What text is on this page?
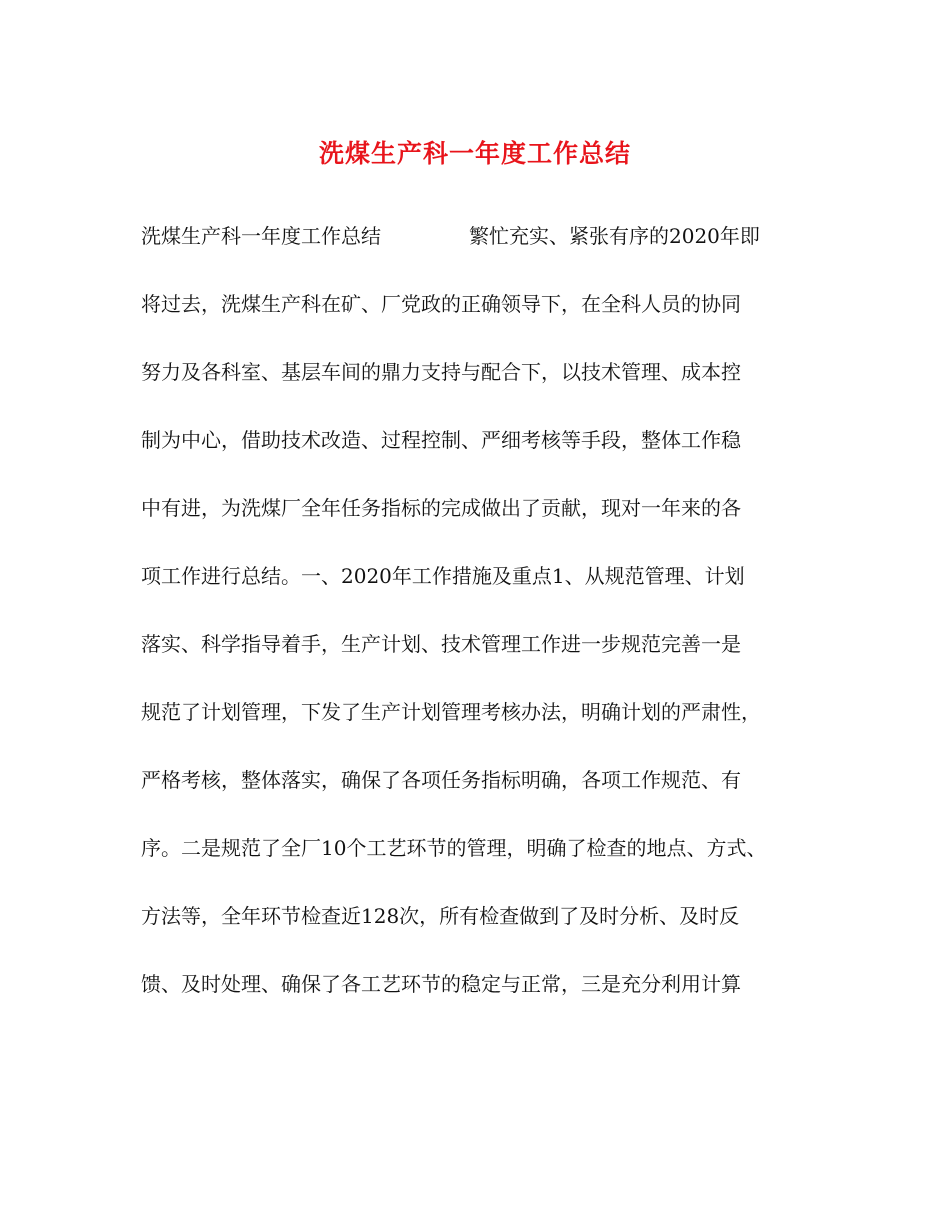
洗煤生产科一年度工作总结
洗煤生产科一年度工作总结	繁忙充实、紧张有序的2020年即
将过去，洗煤生产科在矿、厂党政的正确领导下，在全科人员的协同
努力及各科室、基层车间的鼎力支持与配合下，以技术管理、成本控
制为中心，借助技术改造、过程控制、严细考核等手段，整体工作稳
中有进，为洗煤厂全年任务指标的完成做出了贡献，现对一年来的各
项工作进行总结。一、2020年工作措施及重点1、从规范管理、计划
落实、科学指导着手，生产计划、技术管理工作进一步规范完善一是
规范了计划管理，下发了生产计划管理考核办法，明确计划的严肃性，
严格考核，整体落实，确保了各项任务指标明确，各项工作规范、有
序。二是规范了全厂10个工艺环节的管理，明确了检查的地点、方式、
方法等，全年环节检查近128次，所有检查做到了及时分析、及时反
馈、及时处理、确保了各工艺环节的稳定与正常，三是充分利用计算
